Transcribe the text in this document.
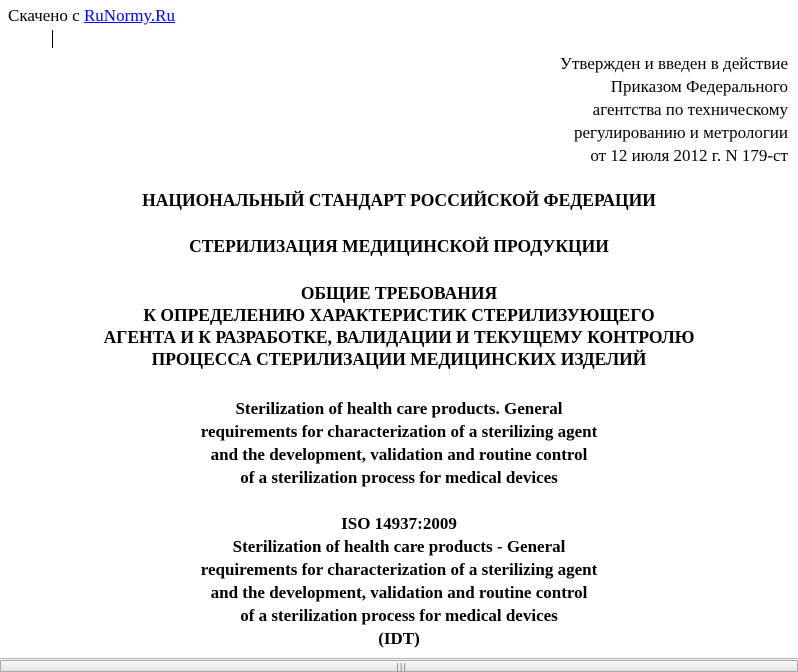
Скачено с RuNormy.Ru
Утвержден и введен в действие
Приказом Федерального
агентства по техническому
регулированию и метрологии
от 12 июля 2012 г. N 179-ст
НАЦИОНАЛЬНЫЙ СТАНДАРТ РОССИЙСКОЙ ФЕДЕРАЦИИ
СТЕРИЛИЗАЦИЯ МЕДИЦИНСКОЙ ПРОДУКЦИИ
ОБЩИЕ ТРЕБОВАНИЯ
К ОПРЕДЕЛЕНИЮ ХАРАКТЕРИСТИК СТЕРИЛИЗУЮЩЕГО
АГЕНТА И К РАЗРАБОТКЕ, ВАЛИДАЦИИ И ТЕКУЩЕМУ КОНТРОЛЮ
ПРОЦЕССА СТЕРИЛИЗАЦИИ МЕДИЦИНСКИХ ИЗДЕЛИЙ
Sterilization of health care products. General
requirements for characterization of a sterilizing agent
and the development, validation and routine control
of a sterilization process for medical devices
ISO 14937:2009
Sterilization of health care products - General
requirements for characterization of a sterilizing agent
and the development, validation and routine control
of a sterilization process for medical devices
(IDT)
|||
